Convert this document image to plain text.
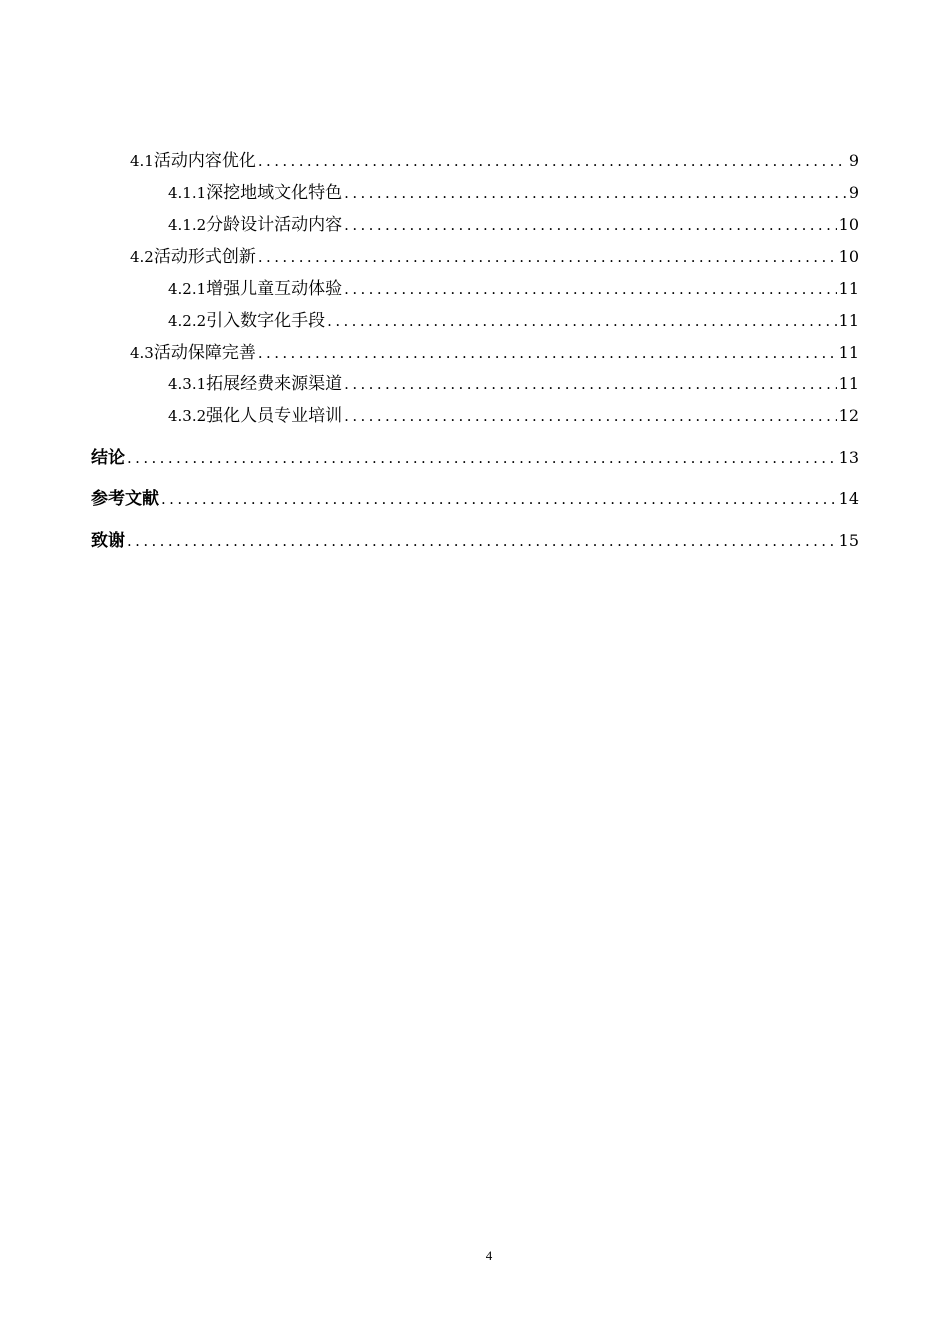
4.1 活动内容优化 .....	9
4.1.1 深挖地域文化特色 .....	9
4.1.2 分龄设计活动内容 .....	10
4.2 活动形式创新 .....	10
4.2.1 增强儿童互动体验 .....	11
4.2.2 引入数字化手段 .....	11
4.3 活动保障完善 .....	11
4.3.1 拓展经费来源渠道 .....	11
4.3.2 强化人员专业培训 .....	12
结论 .....	13
参考文献 .....	14
致谢 .....	15
4
